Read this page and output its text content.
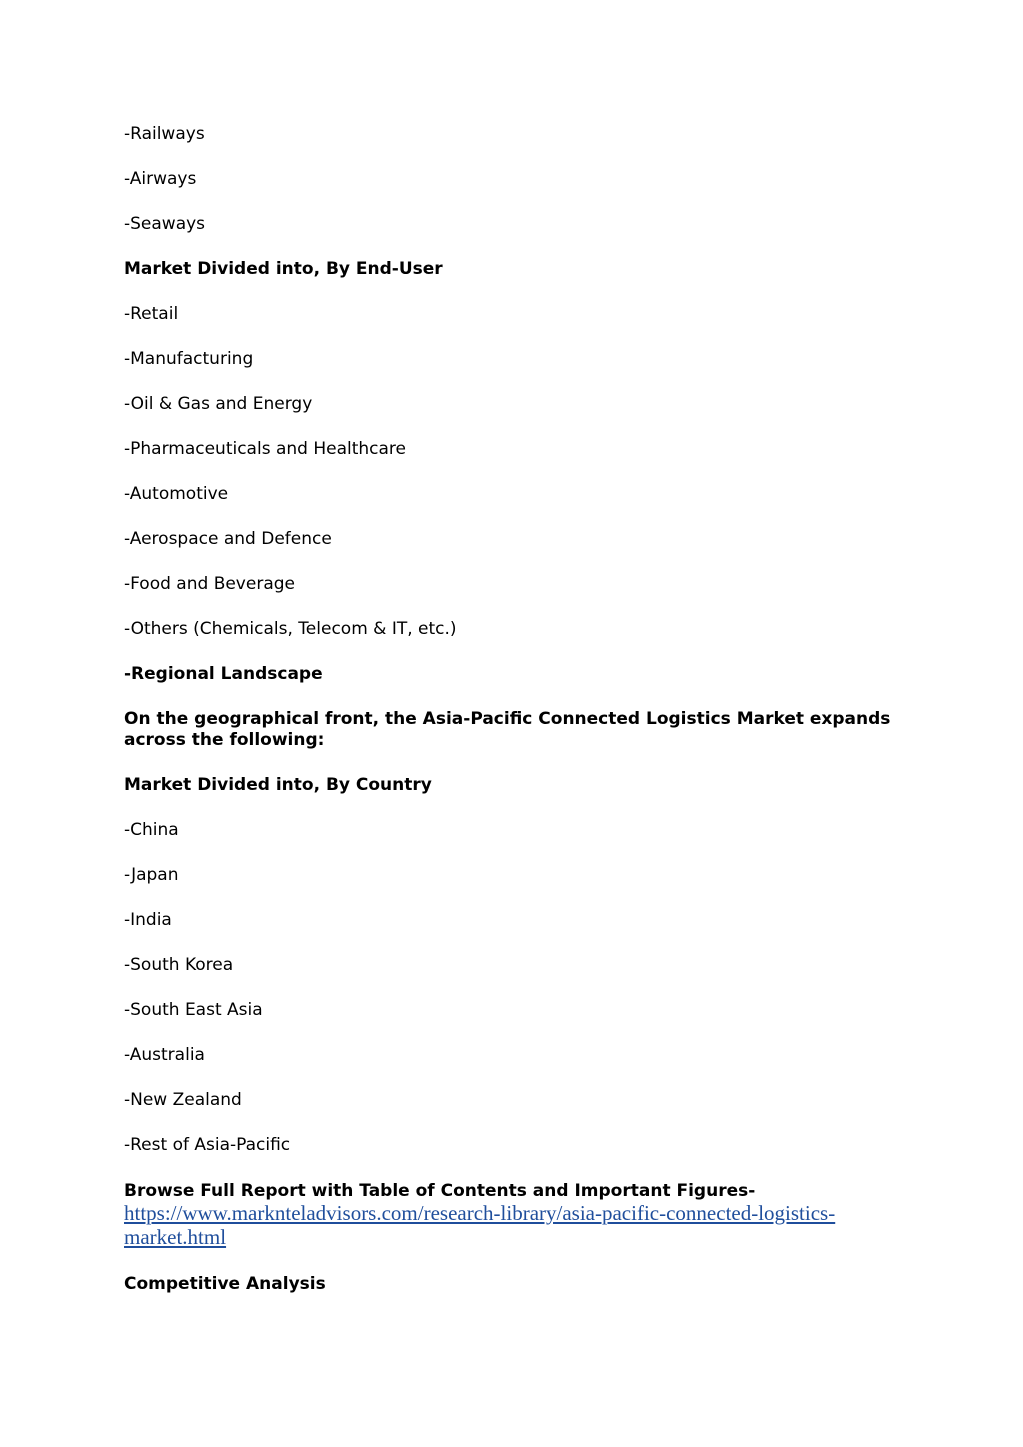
-Railways

-Airways

-Seaways

Market Divided into, By End-User

-Retail

-Manufacturing

-Oil & Gas and Energy

-Pharmaceuticals and Healthcare

-Automotive

-Aerospace and Defence

-Food and Beverage

-Others (Chemicals, Telecom & IT, etc.)

-Regional Landscape

On the geographical front, the Asia-Pacific Connected Logistics Market expands across the following:

Market Divided into, By Country

-China

-Japan

-India

-South Korea

-South East Asia

-Australia

-New Zealand

-Rest of Asia-Pacific

Browse Full Report with Table of Contents and Important Figures- https://www.marknteladvisors.com/research-library/asia-pacific-connected-logistics-market.html

Competitive Analysis
